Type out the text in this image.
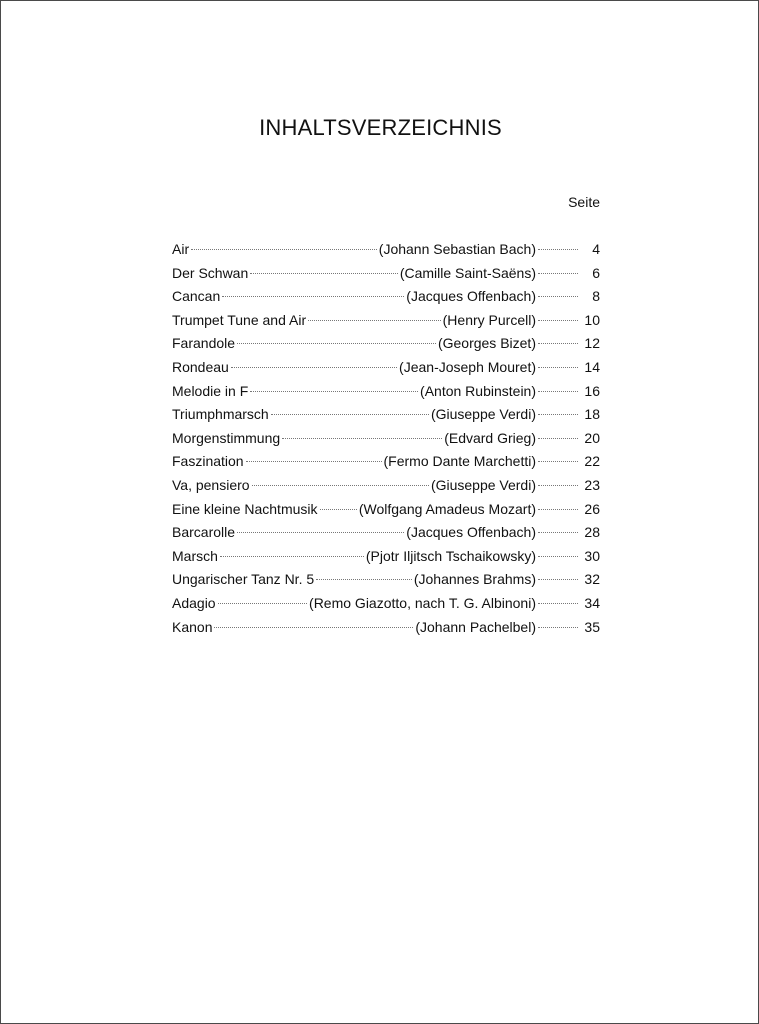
INHALTSVERZEICHNIS
Seite
Air	(Johann Sebastian Bach)	4
Der Schwan	(Camille Saint-Saëns)	6
Cancan	(Jacques Offenbach)	8
Trumpet Tune and Air	(Henry Purcell)	10
Farandole	(Georges Bizet)	12
Rondeau	(Jean-Joseph Mouret)	14
Melodie in F	(Anton Rubinstein)	16
Triumphmarsch	(Giuseppe Verdi)	18
Morgenstimmung	(Edvard Grieg)	20
Faszination	(Fermo Dante Marchetti)	22
Va, pensiero	(Giuseppe Verdi)	23
Eine kleine Nachtmusik	(Wolfgang Amadeus Mozart)	26
Barcarolle	(Jacques Offenbach)	28
Marsch	(Pjotr Iljitsch Tschaikowsky)	30
Ungarischer Tanz Nr. 5	(Johannes Brahms)	32
Adagio	(Remo Giazotto, nach T. G. Albinoni)	34
Kanon	(Johann Pachelbel)	35
